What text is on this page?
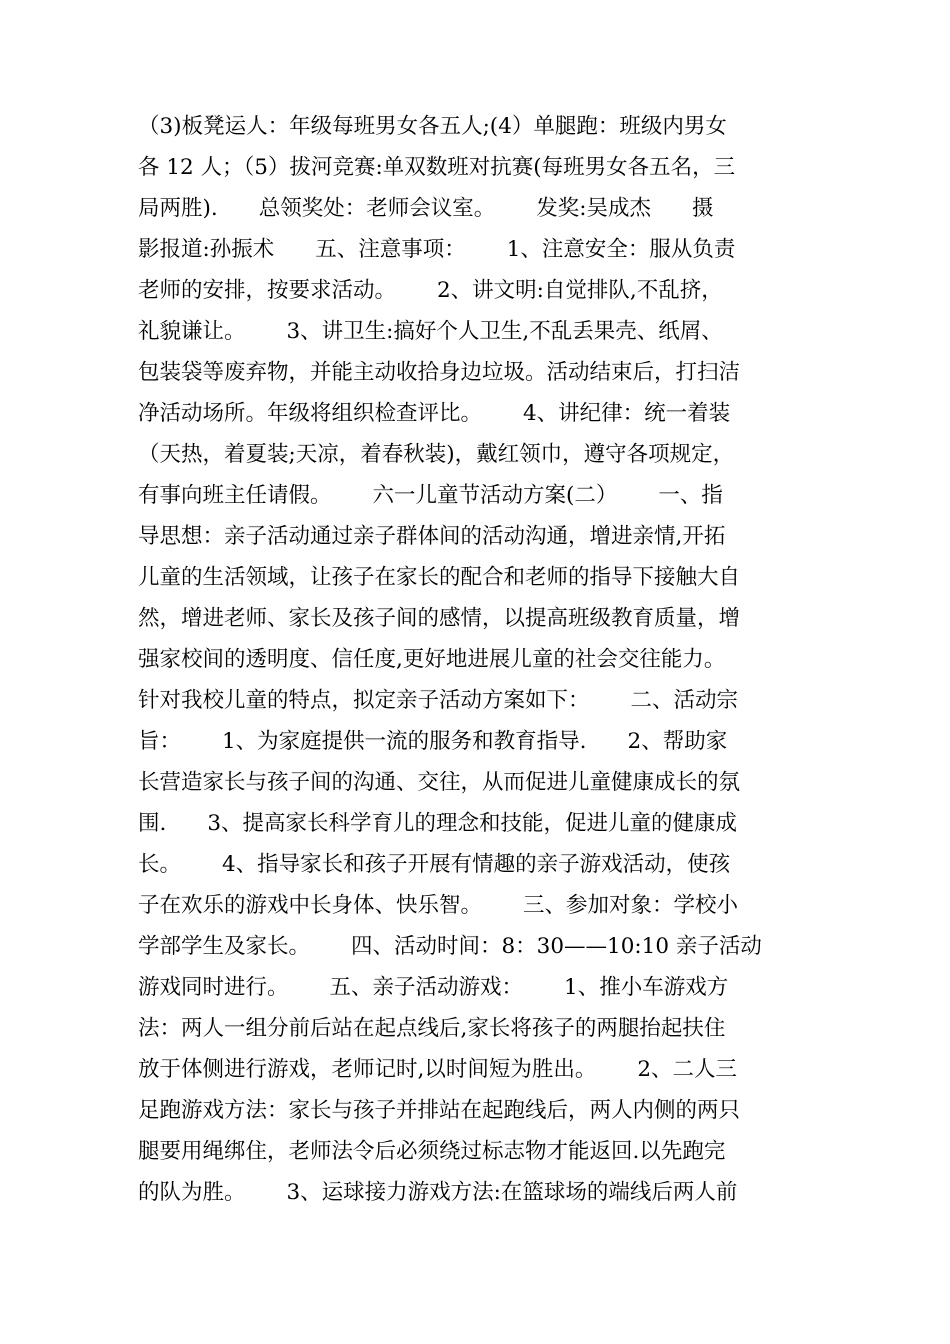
（3)板凳运人：年级每班男女各五人;(4）单腿跑：班级内男女
各 12 人；（5）拔河竞赛:单双数班对抗赛(每班男女各五名，三
局两胜).      总领奖处：老师会议室。      发奖:吴成杰      摄
影报道:孙振术      五、注意事项：      1、注意安全：服从负责
老师的安排，按要求活动。      2、讲文明:自觉排队,不乱挤，
礼貌谦让。      3、讲卫生:搞好个人卫生,不乱丢果壳、纸屑、
包装袋等废弃物，并能主动收拾身边垃圾。活动结束后，打扫洁
净活动场所。年级将组织检查评比。      4、讲纪律：统一着装
（天热，着夏装;天凉，着春秋装)，戴红领巾，遵守各项规定，
有事向班主任请假。      六一儿童节活动方案(二）      一、指
导思想：亲子活动通过亲子群体间的活动沟通，增进亲情,开拓
儿童的生活领域，让孩子在家长的配合和老师的指导下接触大自
然，增进老师、家长及孩子间的感情，以提高班级教育质量，增
强家校间的透明度、信任度,更好地进展儿童的社会交往能力。
针对我校儿童的特点，拟定亲子活动方案如下：      二、活动宗
旨：      1、为家庭提供一流的服务和教育指导.      2、帮助家
长营造家长与孩子间的沟通、交往，从而促进儿童健康成长的氛
围.      3、提高家长科学育儿的理念和技能，促进儿童的健康成
长。      4、指导家长和孩子开展有情趣的亲子游戏活动，使孩
子在欢乐的游戏中长身体、快乐智。      三、参加对象：学校小
学部学生及家长。      四、活动时间：8：30——10:10 亲子活动
游戏同时进行。      五、亲子活动游戏：      1、推小车游戏方
法：两人一组分前后站在起点线后,家长将孩子的两腿抬起扶住
放于体侧进行游戏，老师记时,以时间短为胜出。      2、二人三
足跑游戏方法：家长与孩子并排站在起跑线后，两人内侧的两只
腿要用绳绑住，老师法令后必须绕过标志物才能返回.以先跑完
的队为胜。      3、运球接力游戏方法:在篮球场的端线后两人前
